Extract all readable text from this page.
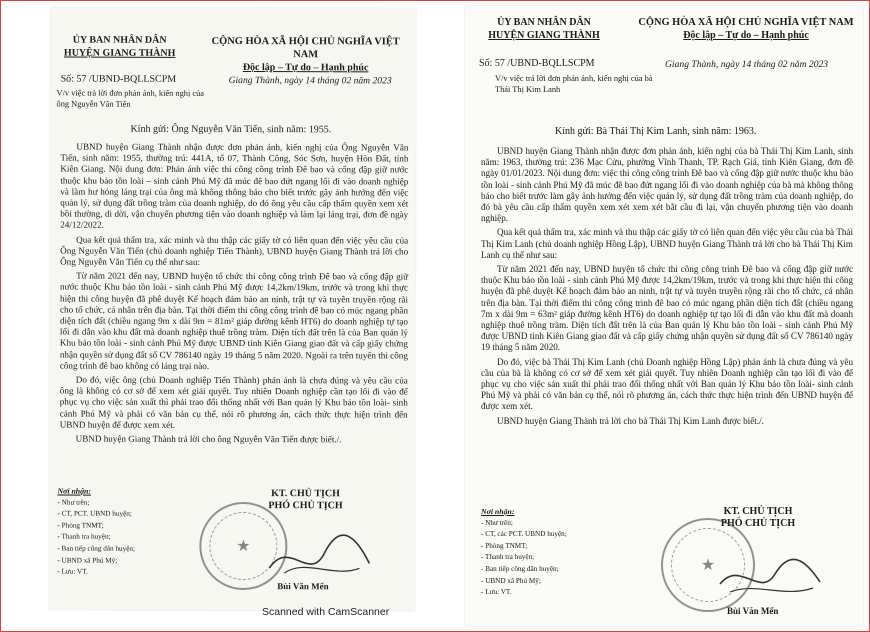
ỦY BAN NHÂN DÂN
HUYỆN GIANG THÀNH
CỘNG HÒA XÃ HỘI CHỦ NGHĨA VIỆT NAM
Độc lập – Tự do – Hạnh phúc
Số: 57 /UBND-BQLLSCPM	Giang Thành, ngày 14 tháng 02 năm 2023
V/v việc trả lời đơn phản ánh, kiến nghị của ông Nguyễn Văn Tiến
Kính gửi: Ông Nguyễn Văn Tiến, sinh năm: 1955.

UBND huyện Giang Thành nhận được đơn phản ánh, kiến nghị của Ông Nguyễn Văn Tiến, sinh năm: 1955, thường trú: 441A, tổ 07, Thành Công, Sóc Sơn, huyện Hòn Đất, tỉnh Kiên Giang. Nội dung đơn: Phản ánh việc thi công công trình Đê bao và cống đập giữ nước thuộc khu bảo tồn loài – sinh cảnh Phú Mỹ đã múc đê bao đứt ngang lối đi vào doanh nghiệp và làm hư hỏng láng trại của ông mà không thông báo cho biết trước gây ảnh hưởng đến việc quản lý, sử dụng đất trồng tràm của doanh nghiệp, do đó ông yêu cầu cấp thẩm quyền xem xét bồi thường, di dời, vận chuyển phương tiện vào doanh nghiệp và làm lại láng trại, đơn đề ngày 24/12/2022.

Qua kết quả thẩm tra, xác minh và thu thập các giấy tờ có liên quan đến việc yêu cầu của Ông Nguyễn Văn Tiến (chủ doanh nghiệp Tiến Thành), UBND huyện Giang Thành trả lời cho Ông Nguyễn Văn Tiến cụ thể như sau:

Từ năm 2021 đến nay, UBND huyện tổ chức thi công công trình Đê bao và cống đập giữ nước thuộc Khu bảo tồn loài - sinh cảnh Phú Mỹ được 14,2km/19km, trước và trong khi thực hiện thi công huyện đã phê duyệt Kế hoạch đảm bảo an ninh, trật tự và tuyên truyền rộng rãi cho tổ chức, cá nhân trên địa bàn. Tại thời điểm thi công công trình đê bao có múc ngang phần diện tích đất (chiều ngang 9m x dài 9m = 81m² giáp đường kênh HT6) do doanh nghiệp tự tạo lối đi dẫn vào khu đất mà doanh nghiệp thuê trồng tràm. Diện tích đất trên là của Ban quản lý Khu bảo tồn loài - sinh cảnh Phú Mỹ được UBND tỉnh Kiên Giang giao đất và cấp giấy chứng nhận quyền sử dụng đất số CV 786140 ngày 19 tháng 5 năm 2020. Ngoài ra trên tuyến thi công công trình đê bao không có láng trại nào.

Do đó, việc ông (chủ Doanh nghiệp Tiến Thành) phản ánh là chưa đúng và yêu cầu của ông là không có cơ sở để xem xét giải quyết. Tuy nhiên Doanh nghiệp cần tạo lối đi vào để phục vụ cho việc sản xuất thì phải trao đổi thống nhất với Ban quản lý Khu bảo tồn loài- sinh cảnh Phú Mỹ và phải có văn bản cụ thể, nói rõ phương án, cách thức thực hiện trình đến UBND huyện để được xem xét.

UBND huyện Giang Thành trả lời cho ông Nguyễn Văn Tiến được biết./.

Nơi nhận:
- Như trên;
- CT, PCT. UBND huyện;
- Phòng TNMT;
- Thanh tra huyện;
- Ban tiếp công dân huyện;
- UBND xã Phú Mỹ;
- Lưu: VT.
KT. CHỦ TỊCH
PHÓ CHỦ TỊCH
★
Bùi Văn Mến
ỦY BAN NHÂN DÂN
HUYỆN GIANG THÀNH
CỘNG HÒA XÃ HỘI CHỦ NGHĨA VIỆT NAM
Độc lập – Tự do – Hạnh phúc
Số: 57 /UBND-BQLLSCPM	Giang Thành, ngày 14 tháng 02 năm 2023
V/v việc trả lời đơn phản ánh, kiến nghị của bà Thái Thị Kim Lanh
Kính gửi: Bà Thái Thị Kim Lanh, sinh năm: 1963.

UBND huyện Giang Thành nhận được đơn phản ánh, kiến nghị của bà Thái Thị Kim Lanh, sinh năm: 1963, thường trú: 236 Mạc Cửu, phường Vĩnh Thanh, TP. Rạch Giá, tỉnh Kiên Giang, đơn đề ngày 01/01/2023. Nội dung đơn: việc thi công công trình Đê bao và cống đập giữ nước thuộc khu bảo tồn loài - sinh cảnh Phú Mỹ đã múc đê bao đứt ngang lối đi vào doanh nghiệp của bà mà không thông báo cho biết trước làm gây ảnh hưởng đến việc quản lý, sử dụng đất trồng tràm của doanh nghiệp, do đó bà yêu cầu cấp thẩm quyền xem xét xem xét bắt cầu đi lại, vận chuyển phương tiện vào doanh nghiệp.

Qua kết quả thẩm tra, xác minh và thu thập các giấy tờ có liên quan đến việc yêu cầu của bà Thái Thị Kim Lanh (chủ doanh nghiệp Hồng Lập), UBND huyện Giang Thành trả lời cho bà Thái Thị Kim Lanh cụ thể như sau:

Từ năm 2021 đến nay, UBND huyện tổ chức thi công công trình Đê bao và cống đập giữ nước thuộc Khu bảo tồn loài - sinh cảnh Phú Mỹ được 14,2km/19km, trước và trong khi thực hiện thi công huyện đã phê duyệt Kế hoạch đảm bảo an ninh, trật tự và tuyên truyền rộng rãi cho tổ chức, cá nhân trên địa bàn. Tại thời điểm thi công công trình đê bao có múc ngang phần diện tích đất (chiều ngang 7m x dài 9m = 63m² giáp đường kênh HT6) do doanh nghiệp tự tạo lối đi dẫn vào khu đất mà doanh nghiệp thuê trồng tràm. Diện tích đất trên là của Ban quản lý Khu bảo tồn loài - sinh cảnh Phú Mỹ được UBND tỉnh Kiên Giang giao đất và cấp giấy chứng nhận quyền sử dụng đất số CV 786140 ngày 19 tháng 5 năm 2020.

Do đó, việc bà Thái Thị Kim Lanh (chủ Doanh nghiệp Hồng Lập) phản ánh là chưa đúng và yêu cầu của bà là không có cơ sở để xem xét giải quyết. Tuy nhiên Doanh nghiệp cần tạo lối đi vào để phục vụ cho việc sản xuất thì phải trao đổi thống nhất với Ban quản lý Khu bảo tồn loài- sinh cảnh Phú Mỹ và phải có văn bản cụ thể, nói rõ phương án, cách thức thực hiện trình đến UBND huyện để được xem xét.

UBND huyện Giang Thành trả lời cho bà Thái Thị Kim Lanh được biết./.

Nơi nhận:
- Như trên;
- CT, các PCT. UBND huyện;
- Phòng TNMT;
- Thanh tra huyện;
- Ban tiếp công dân huyện;
- UBND xã Phú Mỹ;
- Lưu: VT.
KT. CHỦ TỊCH
PHÓ CHỦ TỊCH
★
Bùi Văn Mến
Scanned with CamScanner
